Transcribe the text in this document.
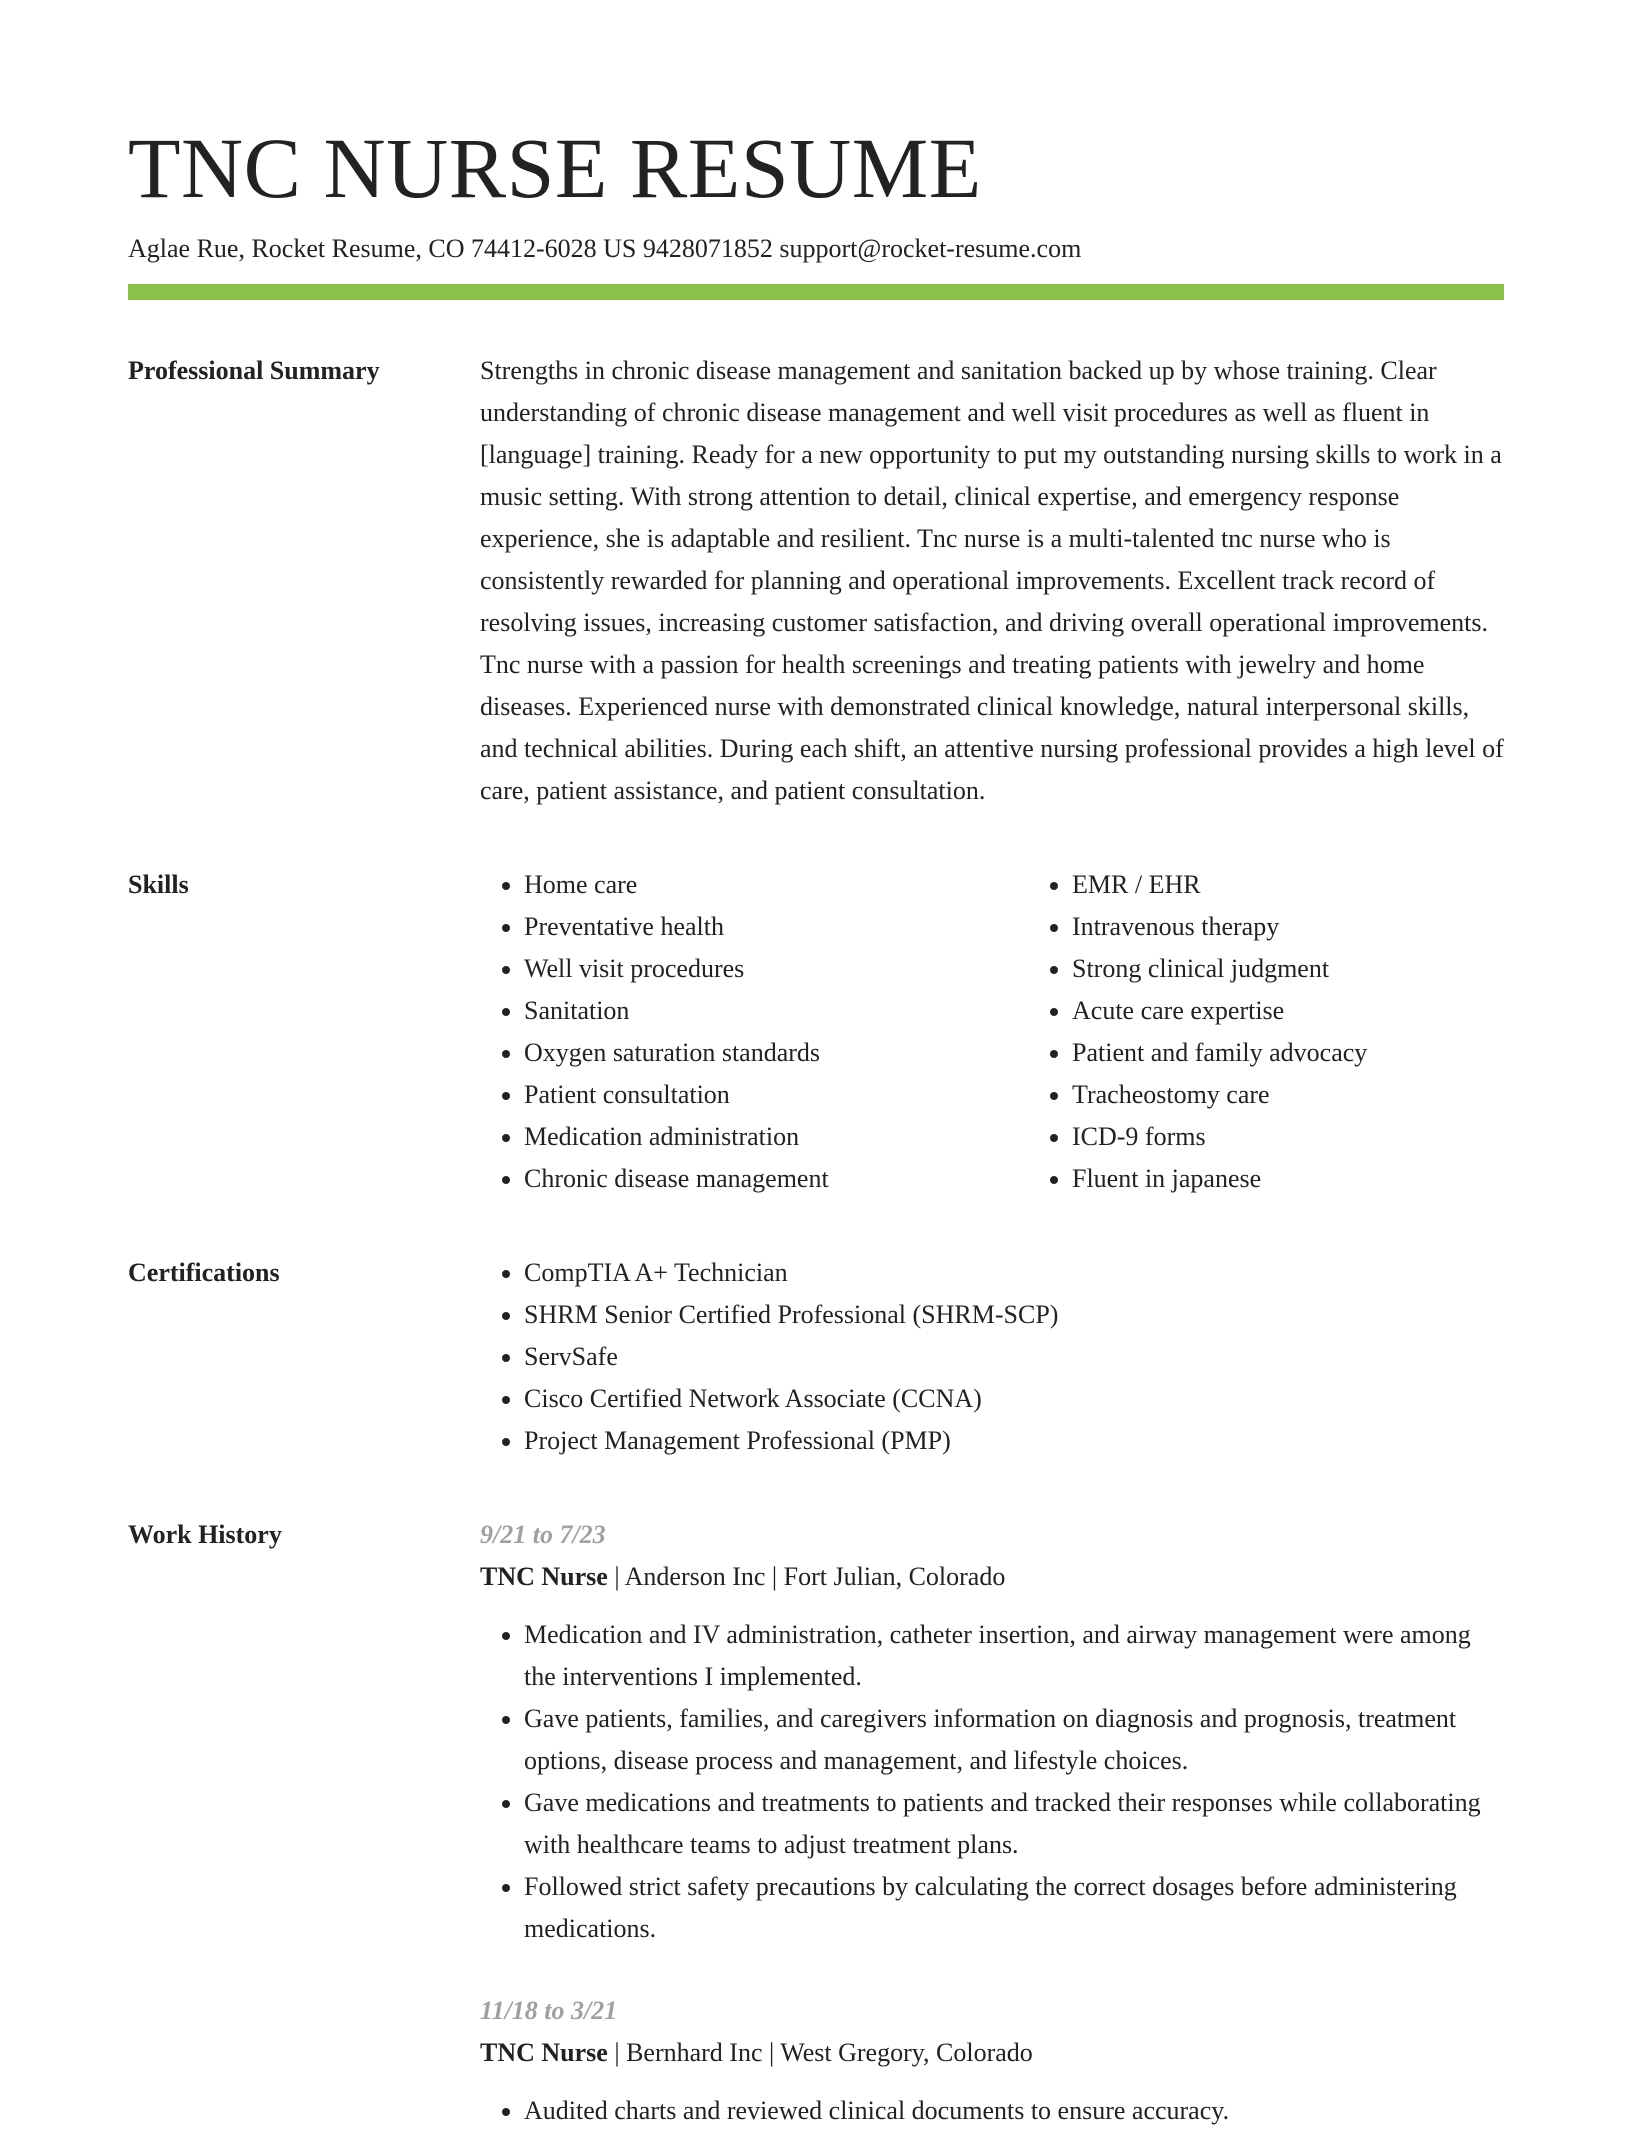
TNC NURSE RESUME
Aglae Rue, Rocket Resume, CO 74412-6028 US 9428071852 support@rocket-resume.com
Professional Summary	Strengths in chronic disease management and sanitation backed up by whose training. Clear understanding of chronic disease management and well visit procedures as well as fluent in [language] training. Ready for a new opportunity to put my outstanding nursing skills to work in a music setting. With strong attention to detail, clinical expertise, and emergency response experience, she is adaptable and resilient. Tnc nurse is a multi-talented tnc nurse who is consistently rewarded for planning and operational improvements. Excellent track record of resolving issues, increasing customer satisfaction, and driving overall operational improvements. Tnc nurse with a passion for health screenings and treating patients with jewelry and home diseases. Experienced nurse with demonstrated clinical knowledge, natural interpersonal skills, and technical abilities. During each shift, an attentive nursing professional provides a high level of care, patient assistance, and patient consultation.

Skills	• Home care
• Preventative health
• Well visit procedures
• Sanitation
• Oxygen saturation standards
• Patient consultation
• Medication administration
• Chronic disease management
• EMR / EHR
• Intravenous therapy
• Strong clinical judgment
• Acute care expertise
• Patient and family advocacy
• Tracheostomy care
• ICD-9 forms
• Fluent in japanese
Certifications	• CompTIA A+ Technician
• SHRM Senior Certified Professional (SHRM-SCP)
• ServSafe
• Cisco Certified Network Associate (CCNA)
• Project Management Professional (PMP)
Work History	9/21 to 7/23
TNC Nurse | Anderson Inc | Fort Julian, Colorado
• Medication and IV administration, catheter insertion, and airway management were among the interventions I implemented.
• Gave patients, families, and caregivers information on diagnosis and prognosis, treatment options, disease process and management, and lifestyle choices.
• Gave medications and treatments to patients and tracked their responses while collaborating with healthcare teams to adjust treatment plans.
• Followed strict safety precautions by calculating the correct dosages before administering medications.
11/18 to 3/21
TNC Nurse | Bernhard Inc | West Gregory, Colorado
• Audited charts and reviewed clinical documents to ensure accuracy.
